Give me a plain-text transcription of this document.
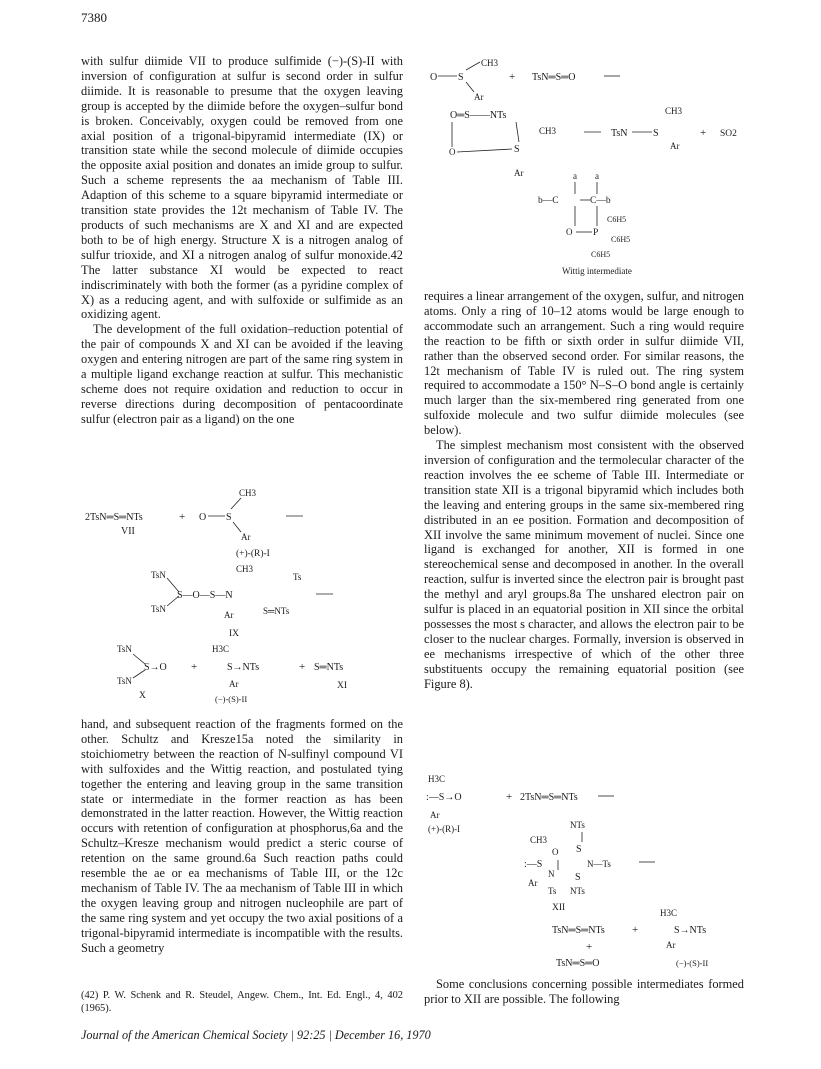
7380

with sulfur diimide VII to produce sulfimide (−)-(S)-II with inversion of configuration at sulfur is second order in sulfur diimide. It is reasonable to presume that the oxygen leaving group is accepted by the diimide before the oxygen–sulfur bond is broken. Conceivably, oxygen could be removed from one axial position of a trigonal-bipyramid intermediate (IX) or transition state while the second molecule of diimide occupies the opposite axial position and donates an imide group to sulfur. Such a scheme represents the aa mechanism of Table III. Adaption of this scheme to a square bipyramid intermediate or transition state provides the 12t mechanism of Table IV. The products of such mechanisms are X and XI and are expected both to be of high energy. Structure X is a nitrogen analog of sulfur trioxide, and XI a nitrogen analog of sulfur monoxide.42 The latter substance XI would be expected to react indiscriminately with both the former (as a pyridine complex of X) as a reducing agent, and with sulfoxide or sulfimide as an oxidizing agent.

The development of the full oxidation–reduction potential of the pair of compounds X and XI can be avoided if the leaving oxygen and entering nitrogen are part of the same ring system in a multiple ligand exchange reaction at sulfur. This mechanistic scheme does not require oxidation and reduction to occur in reverse directions during decomposition of pentacoordinate sulfur (electron pair as a ligand) on the one

2TsN═S═NTs
VII
+ O S
CH3
Ar
(+)-(R)-I
TsN
TsN
S—O—S—N
CH3
Ts
S═NTs
Ar
IX
TsN
TsN
S→O
X
+
H3C
S→NTs
Ar
(−)-(S)-II
+ S═NTs
XI

hand, and subsequent reaction of the fragments formed on the other. Schultz and Kresze15a noted the similarity in stoichiometry between the reaction of N-sulfinyl compound VI with sulfoxides and the Wittig reaction, and postulated tying together the entering and leaving group in the same transition state or intermediate in the former reaction as has been demonstrated in the latter reaction. However, the Wittig reaction occurs with retention of configuration at phosphorus,6a and the Schultz–Kresze mechanism would predict a steric course of retention on the same ground.6a Such reaction paths could resemble the ae or ea mechanisms of Table III, or the 12c mechanism of Table IV. The aa mechanism of Table III in which the oxygen leaving group and nitrogen nucleophile are part of the same ring system and yet occupy the two axial positions of a trigonal-bipyramid intermediate is incompatible with the results. Such a geometry

(42) P. W. Schenk and R. Steudel, Angew. Chem., Int. Ed. Engl., 4, 402 (1965).
CH3
O S
Ar
+ TsN═S═O
O═S——NTs
CH3
O	S
Ar
TsN	S
CH3
Ar
+ SO2
a a
b—C	C—b
O P
C6H5
C6H5
C6H5
Wittig intermediate

requires a linear arrangement of the oxygen, sulfur, and nitrogen atoms. Only a ring of 10–12 atoms would be large enough to accommodate such an arrangement. Such a ring would require the reaction to be fifth or sixth order in sulfur diimide VII, rather than the observed second order. For similar reasons, the 12t mechanism of Table IV is ruled out. The ring system required to accommodate a 150° N–S–O bond angle is certainly much larger than the six-membered ring generated from one sulfoxide molecule and two sulfur diimide molecules (see below).

The simplest mechanism most consistent with the observed inversion of configuration and the termolecular character of the reaction involves the ee scheme of Table III. Intermediate or transition state XII is a trigonal bipyramid which includes both the leaving and entering groups in the same six-membered ring distributed in an ee position. Formation and decomposition of XII involve the same minimum movement of nuclei. Since one ligand is exchanged for another, XII is formed in one stereochemical sense and decomposed in another. In the overall reaction, sulfur is inverted since the electron pair is brought past the methyl and aryl groups.8a The unshared electron pair on sulfur is placed in an equatorial position in XII since the orbital possesses the most s character, and allows the electron pair to be closer to the nuclear charges. Formally, inversion is observed in ee mechanisms irrespective of which of the other three substituents occupy the remaining equatorial position (see Figure 8).

H3C
:—S→O	+ 2TsN═S═NTs
Ar
(+)-(R)-I	NTs
CH3
O S
N—Ts
:—S
N S
Ar
Ts NTs
XII
TsN═S═NTs +
H3C
S→NTs
Ar
+
TsN═S═O	(−)-(S)-II

Some conclusions concerning possible intermediates formed prior to XII are possible. The following

Journal of the American Chemical Society | 92:25 | December 16, 1970
